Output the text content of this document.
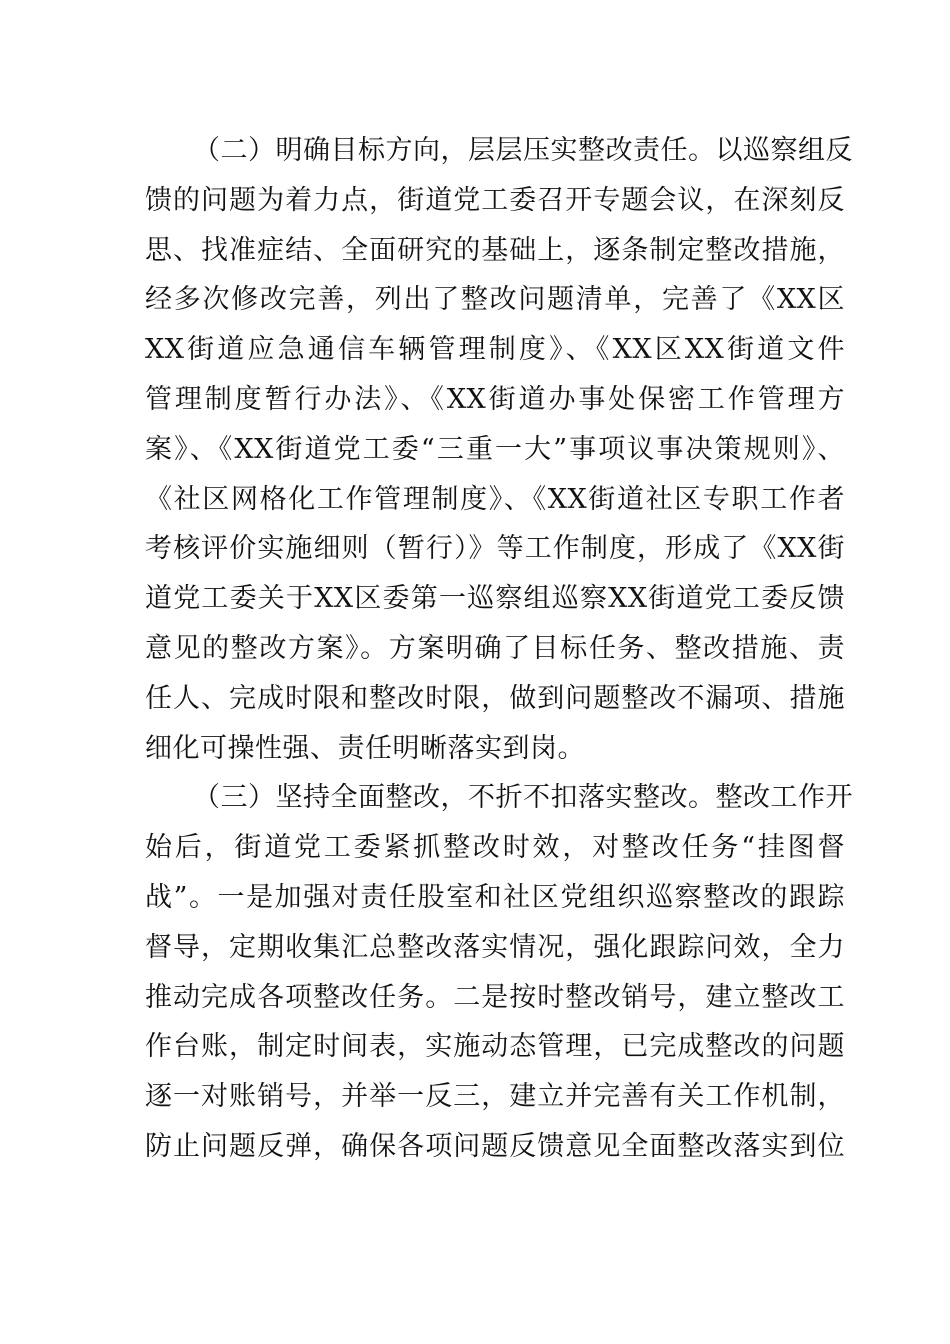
（二）明确目标方向，层层压实整改责任。以巡察组反
馈的问题为着力点，街道党工委召开专题会议，在深刻反
思、找准症结、全面研究的基础上，逐条制定整改措施，
经多次修改完善，列出了整改问题清单，完善了《XX区
XX街道应急通信车辆管理制度》、《XX区XX街道文件
管理制度暂行办法》、《XX街道办事处保密工作管理方
案》、《XX街道党工委“三重一大”事项议事决策规则》、
《社区网格化工作管理制度》、《XX街道社区专职工作者
考核评价实施细则（暂行）》等工作制度，形成了《XX街
道党工委关于XX区委第一巡察组巡察XX街道党工委反馈
意见的整改方案》。方案明确了目标任务、整改措施、责
任人、完成时限和整改时限，做到问题整改不漏项、措施
细化可操性强、责任明晰落实到岗。
（三）坚持全面整改，不折不扣落实整改。整改工作开
始后，街道党工委紧抓整改时效，对整改任务“挂图督
战”。一是加强对责任股室和社区党组织巡察整改的跟踪
督导，定期收集汇总整改落实情况，强化跟踪问效，全力
推动完成各项整改任务。二是按时整改销号，建立整改工
作台账，制定时间表，实施动态管理，已完成整改的问题
逐一对账销号，并举一反三，建立并完善有关工作机制，
防止问题反弹，确保各项问题反馈意见全面整改落实到位
